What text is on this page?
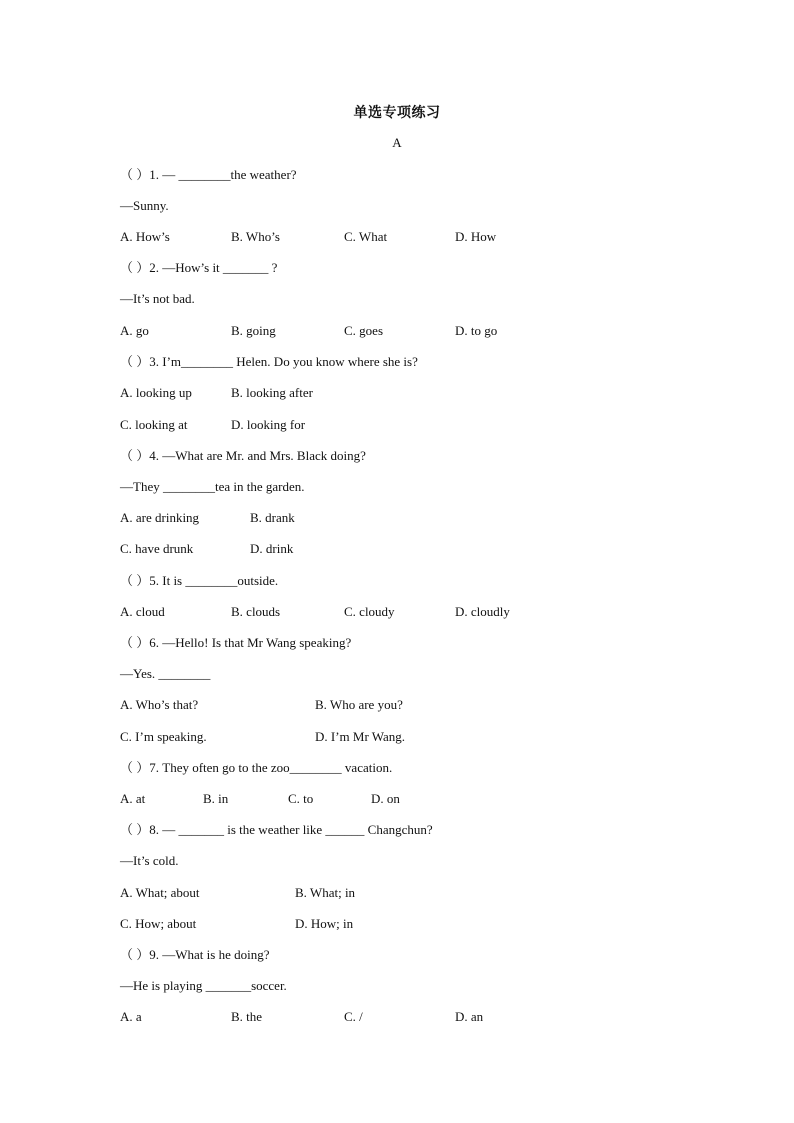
单选专项练习
A
（ ）1. — ________the weather?
—Sunny.
A. How’s	B. Who’s	C. What	D. How
（ ）2. —How’s it _______ ?
—It’s not bad.
A. go	B. going	C. goes	D. to go
（ ）3. I’m________ Helen. Do you know where she is?
A. looking up	B. looking after
C. looking at	D. looking for
（ ）4. —What are Mr. and Mrs. Black doing?
—They ________tea in the garden.
A. are drinking	B. drank
C. have drunk	D. drink
（ ）5. It is ________outside.
A. cloud	B. clouds	C. cloudy	D. cloudly
（ ）6. —Hello! Is that Mr Wang speaking?
—Yes. ________
A. Who’s that?	B. Who are you?
C. I’m speaking.	D. I’m Mr Wang.
（ ）7. They often go to the zoo________ vacation.
A. at	B. in	C. to	D. on
（ ）8. — _______ is the weather like ______ Changchun?
—It’s cold.
A. What; about	B. What; in
C. How; about	D. How; in
（ ）9. —What is he doing?
—He is playing _______soccer.
A. a	B. the	C. /	D. an
